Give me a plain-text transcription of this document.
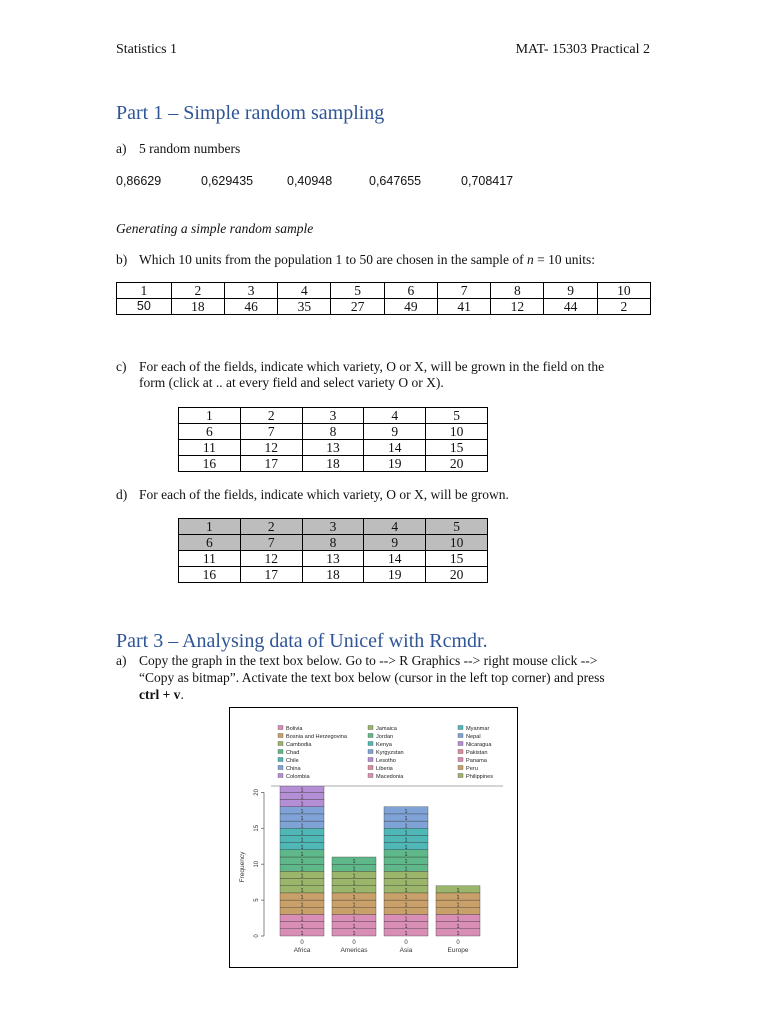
Statistics 1	MAT- 15303 Practical 2
Part 1 – Simple random sampling
a) 5 random numbers
0,86629	0,629435	0,40948	0,647655	0,708417
Generating a simple random sample
b) Which 10 units from the population 1 to 50 are chosen in the sample of n = 10 units:
1	2	3	4	5	6	7	8	9	10
50	18	46	35	27	49	41	12	44	2
c) For each of the fields, indicate which variety, O or X, will be grown in the field on the
form (click at .. at every field and select variety O or X).
1	2	3	4	5
6	7	8	9	10
11	12	13	14	15
16	17	18	19	20
d) For each of the fields, indicate which variety, O or X, will be grown.
1	2	3	4	5
6	7	8	9	10
11	12	13	14	15
16	17	18	19	20
Part 3 – Analysing data of Unicef with Rcmdr.
a) Copy the graph in the text box below. Go to --> R Graphics --> right mouse click -->
“Copy as bitmap”. Activate the text box below (cursor in the left top corner) and press
ctrl + v.
0
5
10
15
20
Frequency
1
1
1
1
1
1
1
1
1
1
1
1
1
1
1
1
1
1
1
1
1
0
Africa
1
1
1
1
1
1
1
1
1
1
1
0
Americas
1
1
1
1
1
1
1
1
1
1
1
1
1
1
1
1
1
1
0
Asia
1
1
1
1
1
1
1
0
Europe
Bolivia
Bosnia and Herzegovina
Cambodia
Chad
Chile
China
Colombia
Jamaica
Jordan
Kenya
Kyrgyzstan
Lesotho
Liberia
Macedonia
Myanmar
Nepal
Nicaragua
Pakistan
Panama
Peru
Philippines
